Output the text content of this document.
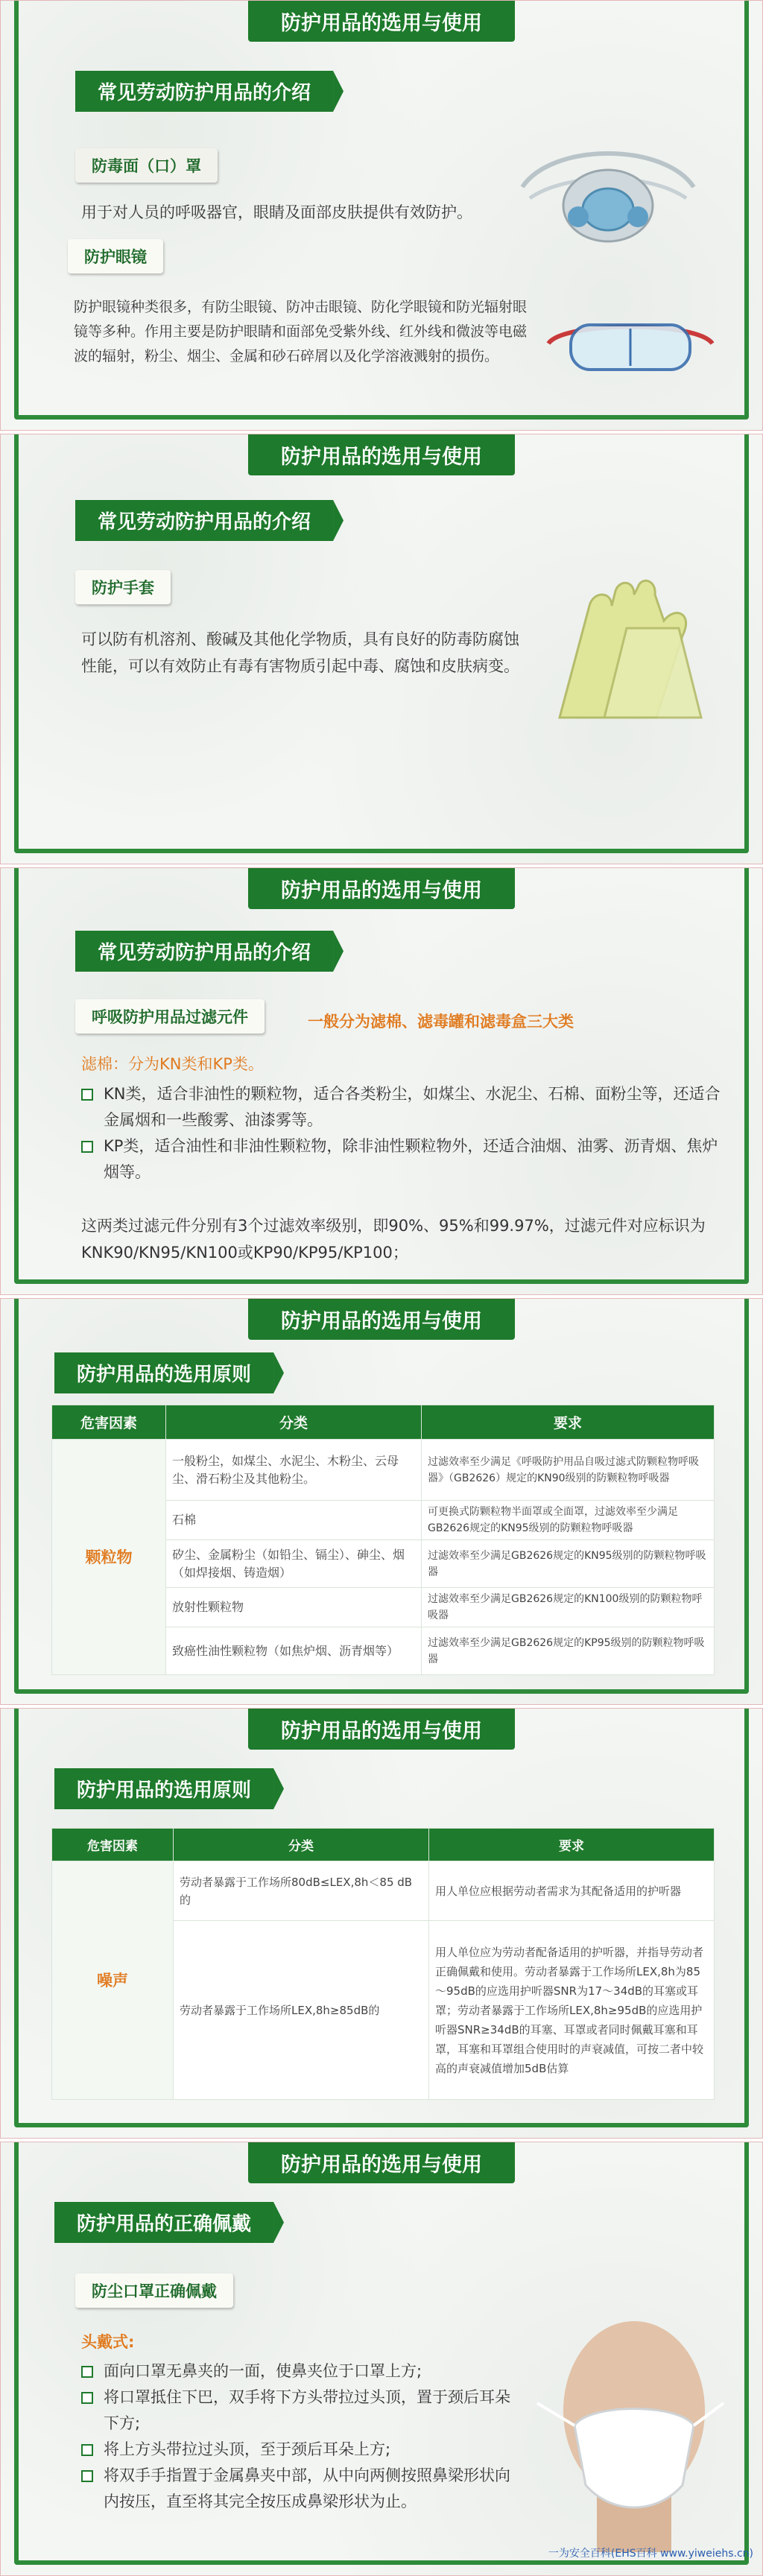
防护用品的选用与使用
常见劳动防护用品的介绍
防毒面（口）罩
用于对人员的呼吸器官，眼睛及面部皮肤提供有效防护。
防护眼镜
防护眼镜种类很多，有防尘眼镜、防冲击眼镜、防化学眼镜和防光辐射眼镜等多种。作用主要是防护眼睛和面部免受紫外线、红外线和微波等电磁波的辐射，粉尘、烟尘、金属和砂石碎屑以及化学溶液溅射的损伤。
防护用品的选用与使用
常见劳动防护用品的介绍
防护手套
可以防有机溶剂、酸碱及其他化学物质，具有良好的防毒防腐蚀性能，可以有效防止有毒有害物质引起中毒、腐蚀和皮肤病变。
防护用品的选用与使用
常见劳动防护用品的介绍
呼吸防护用品过滤元件	一般分为滤棉、滤毒罐和滤毒盒三大类
滤棉：分为KN类和KP类。
KN类，适合非油性的颗粒物，适合各类粉尘，如煤尘、水泥尘、石棉、面粉尘等，还适合金属烟和一些酸雾、油漆雾等。
KP类，适合油性和非油性颗粒物，除非油性颗粒物外，还适合油烟、油雾、沥青烟、焦炉烟等。
这两类过滤元件分别有3个过滤效率级别，即90%、95%和99.97%，过滤元件对应标识为KNK90/KN95/KN100或KP90/KP95/KP100；
防护用品的选用与使用
防护用品的选用原则
危害因素	分类	要求
颗粒物	一般粉尘，如煤尘、水泥尘、木粉尘、云母尘、滑石粉尘及其他粉尘。	过滤效率至少满足《呼吸防护用品自吸过滤式防颗粒物呼吸器》（GB2626）规定的KN90级别的防颗粒物呼吸器
	石棉	可更换式防颗粒物半面罩或全面罩，过滤效率至少满足GB2626规定的KN95级别的防颗粒物呼吸器
	矽尘、金属粉尘（如铅尘、镉尘）、砷尘、烟（如焊接烟、铸造烟）	过滤效率至少满足GB2626规定的KN95级别的防颗粒物呼吸器
	放射性颗粒物	过滤效率至少满足GB2626规定的KN100级别的防颗粒物呼吸器
	致癌性油性颗粒物（如焦炉烟、沥青烟等）	过滤效率至少满足GB2626规定的KP95级别的防颗粒物呼吸器
防护用品的选用与使用
防护用品的选用原则
危害因素	分类	要求
噪声	劳动者暴露于工作场所80dB≤LEX,8h＜85 dB的	用人单位应根据劳动者需求为其配备适用的护听器
	劳动者暴露于工作场所LEX,8h≥85dB的	用人单位应为劳动者配备适用的护听器，并指导劳动者正确佩戴和使用。劳动者暴露于工作场所LEX,8h为85～95dB的应选用护听器SNR为17～34dB的耳塞或耳罩；劳动者暴露于工作场所LEX,8h≥95dB的应选用护听器SNR≥34dB的耳塞、耳罩或者同时佩戴耳塞和耳罩，耳塞和耳罩组合使用时的声衰减值，可按二者中较高的声衰减值增加5dB估算
防护用品的选用与使用
防护用品的正确佩戴
防尘口罩正确佩戴
头戴式:
面向口罩无鼻夹的一面，使鼻夹位于口罩上方;
将口罩抵住下巴，双手将下方头带拉过头顶，置于颈后耳朵下方;
将上方头带拉过头顶，至于颈后耳朵上方;
将双手手指置于金属鼻夹中部，从中向两侧按照鼻梁形状向内按压，直至将其完全按压成鼻梁形状为止。
一为安全百科(EHS百科 www.yiweiehs.cn)
